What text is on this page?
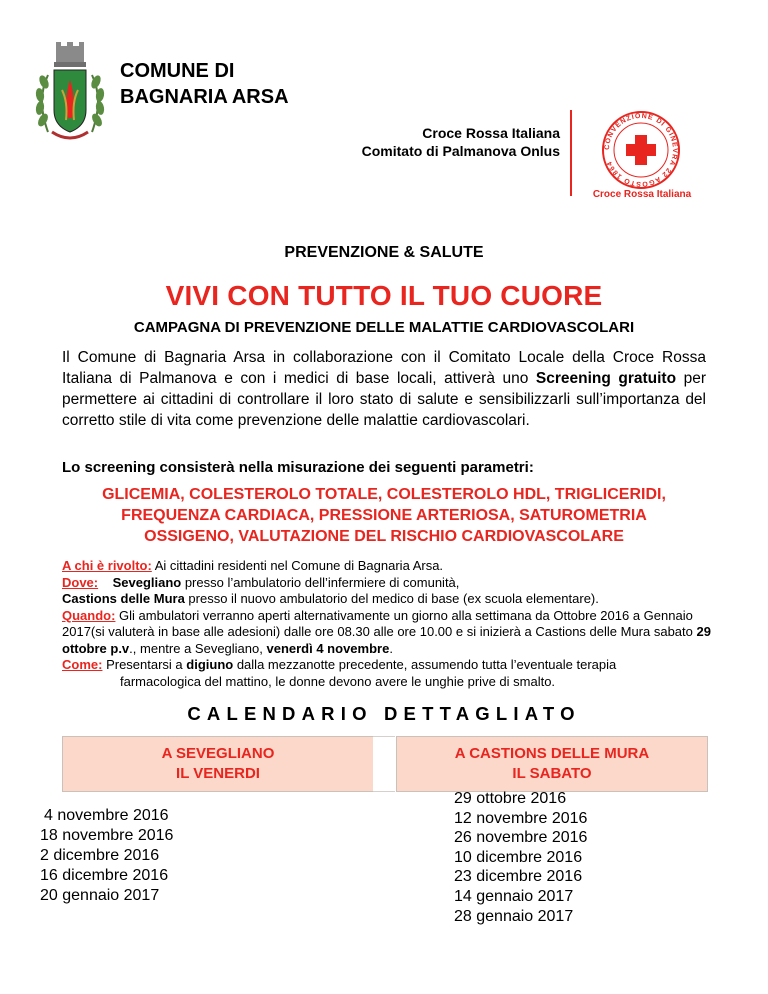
COMUNE DI
BAGNARIA ARSA
Croce Rossa Italiana
Comitato di Palmanova Onlus	CONVENZIONE DI GINEVRA 22 AGOSTO 1864
Croce Rossa Italiana
PREVENZIONE & SALUTE
VIVI CON TUTTO IL TUO CUORE
CAMPAGNA DI PREVENZIONE DELLE MALATTIE CARDIOVASCOLARI
Il Comune di Bagnaria Arsa in collaborazione con il Comitato Locale della Croce Rossa Italiana di Palmanova e con i medici di base locali, attiverà uno Screening gratuito per permettere ai cittadini di controllare il loro stato di salute e sensibilizzarli sull’importanza del corretto stile di vita come prevenzione delle malattie cardiovascolari.
Lo screening consisterà nella misurazione dei seguenti parametri:
GLICEMIA, COLESTEROLO TOTALE, COLESTEROLO HDL, TRIGLICERIDI,
FREQUENZA CARDIACA, PRESSIONE ARTERIOSA, SATUROMETRIA
OSSIGENO, VALUTAZIONE DEL RISCHIO CARDIOVASCOLARE
A chi è rivolto: Ai cittadini residenti nel Comune di Bagnaria Arsa.
Dove: Sevegliano presso l’ambulatorio dell’infermiere di comunità,
Castions delle Mura presso il nuovo ambulatorio del medico di base (ex scuola elementare).
Quando: Gli ambulatori verranno aperti alternativamente un giorno alla settimana da Ottobre 2016 a Gennaio 2017(si valuterà in base alle adesioni) dalle ore 08.30 alle ore 10.00 e si inizierà a Castions delle Mura sabato 29 ottobre p.v., mentre a Sevegliano, venerdì 4 novembre.
Come: Presentarsi a digiuno dalla mezzanotte precedente, assumendo tutta l’eventuale terapia
farmacologica del mattino, le donne devono avere le unghie prive di smalto.
CALENDARIO DETTAGLIATO
A SEVEGLIANO
IL VENERDI
A CASTIONS DELLE MURA
IL SABATO
4 novembre 2016
18 novembre 2016
2 dicembre 2016
16 dicembre 2016
20 gennaio 2017
29 ottobre 2016
12 novembre 2016
26 novembre 2016
10 dicembre 2016
23 dicembre 2016
14 gennaio 2017
28 gennaio 2017
